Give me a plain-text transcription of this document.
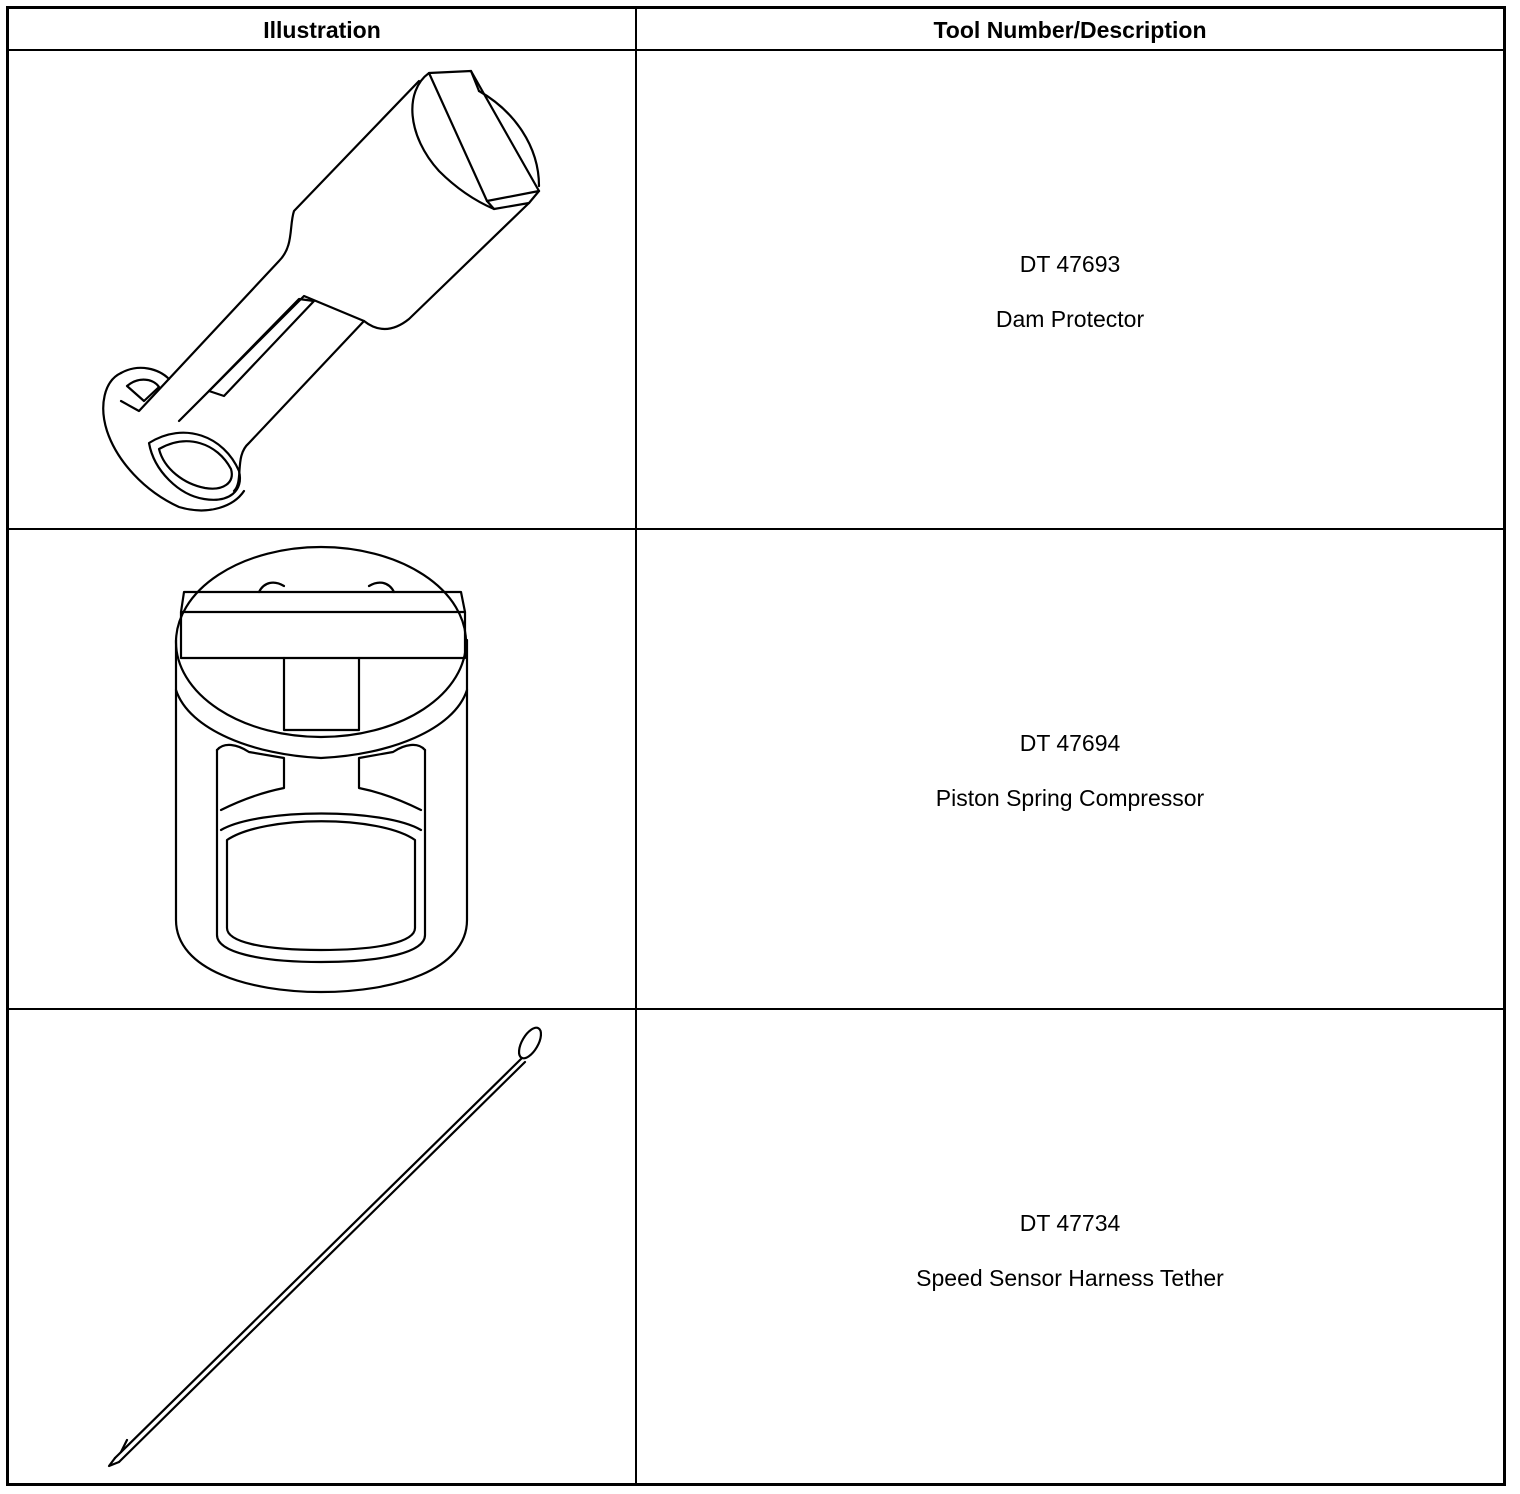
Illustration	Tool Number/Description
DT 47693
Dam Protector
DT 47694
Piston Spring Compressor
DT 47734
Speed Sensor Harness Tether
